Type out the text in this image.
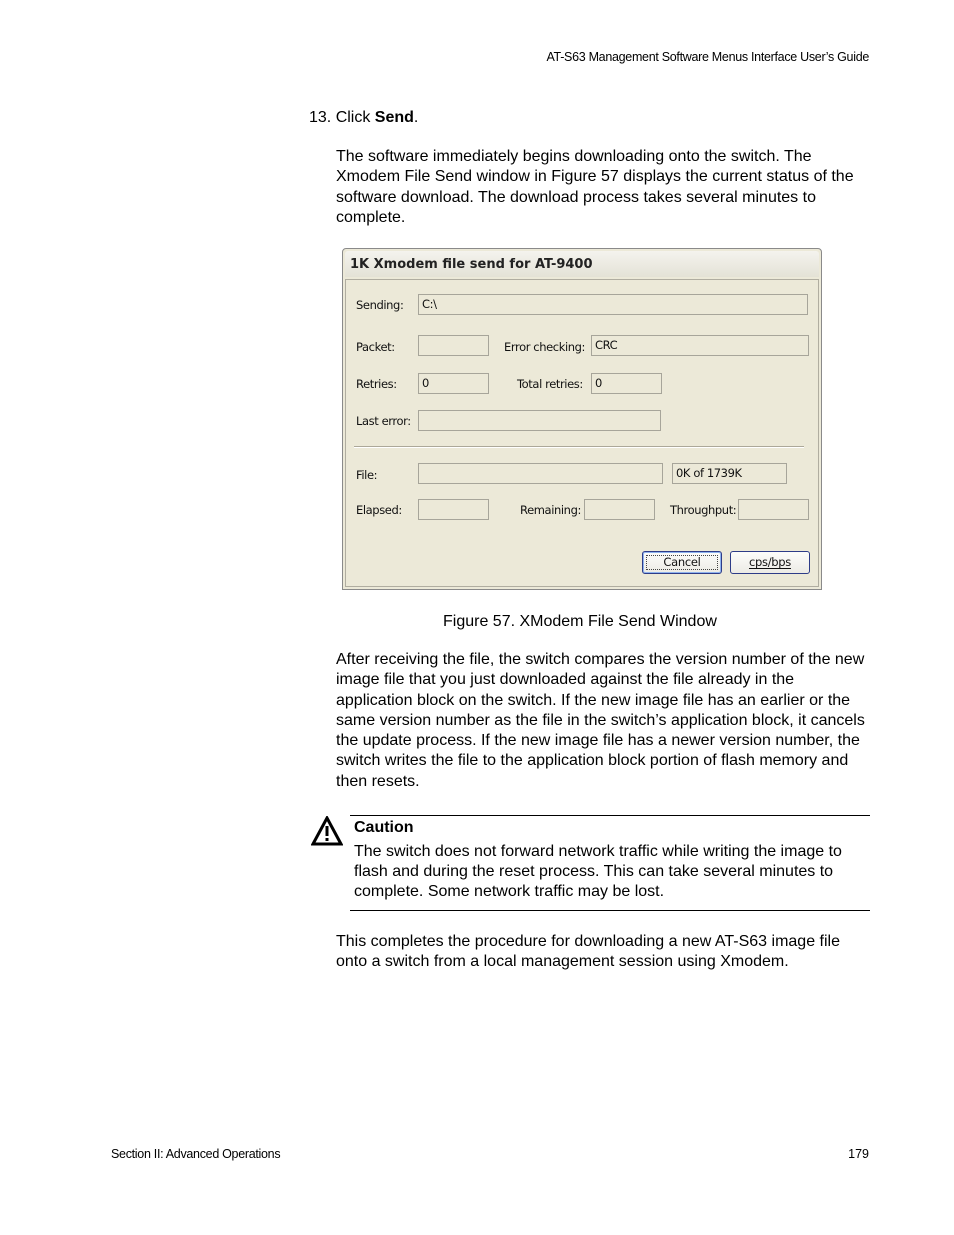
AT-S63 Management Software Menus Interface User’s Guide
13. Click Send.
The software immediately begins downloading onto the switch. The Xmodem File Send window in Figure 57 displays the current status of the software download. The download process takes several minutes to complete.
1K Xmodem file send for AT-9400
Sending:	C:\
Packet:	Error checking: CRC
Retries:	0	Total retries:	0
Last error:
File:	0K of 1739K
Elapsed:	Remaining:	Throughput:
Cancel	cps/bps
Figure 57. XModem File Send Window
After receiving the file, the switch compares the version number of the new image file that you just downloaded against the file already in the application block on the switch. If the new image file has an earlier or the same version number as the file in the switch’s application block, it cancels the update process. If the new image file has a newer version number, the switch writes the file to the application block portion of flash memory and then resets.
Caution
The switch does not forward network traffic while writing the image to flash and during the reset process. This can take several minutes to complete. Some network traffic may be lost.
This completes the procedure for downloading a new AT-S63 image file onto a switch from a local management session using Xmodem.
Section II: Advanced Operations	179
